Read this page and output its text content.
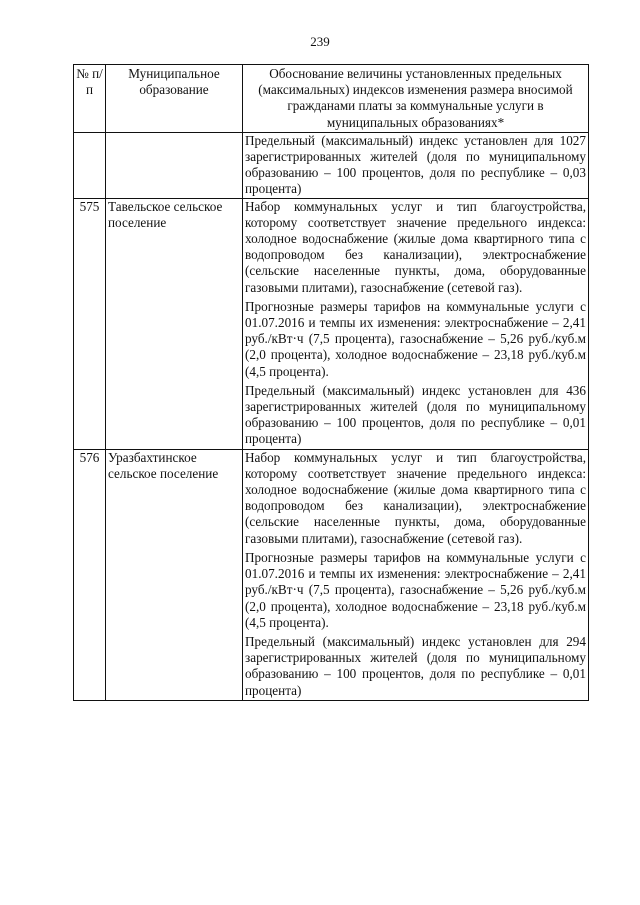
239
№ п/п	Муниципальное образование	Обоснование величины установленных предельных (максимальных) индексов изменения размера вносимой гражданами платы за коммунальные услуги в муниципальных образованиях*
		Предельный (максимальный) индекс установлен для 1027 зарегистрированных жителей (доля по муниципальному образованию – 100 процентов, доля по республике – 0,03 процента)
575	Тавельское сельское поселение	Набор коммунальных услуг и тип благоустройства, которому соответствует значение предельного индекса: холодное водоснабжение (жилые дома квартирного типа с водопроводом без канализации), электроснабжение (сельские населенные пункты, дома, оборудованные газовыми плитами), газоснабжение (сетевой газ).
Прогнозные размеры тарифов на коммунальные услуги с 01.07.2016 и темпы их изменения: электроснабжение – 2,41 руб./кВт·ч (7,5 процента), газоснабжение – 5,26 руб./куб.м (2,0 процента), холодное водоснабжение – 23,18 руб./куб.м (4,5 процента).
Предельный (максимальный) индекс установлен для 436 зарегистрированных жителей (доля по муниципальному образованию – 100 процентов, доля по республике – 0,01 процента)

576	Уразбахтинское сельское поселение	Набор коммунальных услуг и тип благоустройства, которому соответствует значение предельного индекса: холодное водоснабжение (жилые дома квартирного типа с водопроводом без канализации), электроснабжение (сельские населенные пункты, дома, оборудованные газовыми плитами), газоснабжение (сетевой газ).
Прогнозные размеры тарифов на коммунальные услуги с 01.07.2016 и темпы их изменения: электроснабжение – 2,41 руб./кВт·ч (7,5 процента), газоснабжение – 5,26 руб./куб.м (2,0 процента), холодное водоснабжение – 23,18 руб./куб.м (4,5 процента).
Предельный (максимальный) индекс установлен для 294 зарегистрированных жителей (доля по муниципальному образованию – 100 процентов, доля по республике – 0,01 процента)
